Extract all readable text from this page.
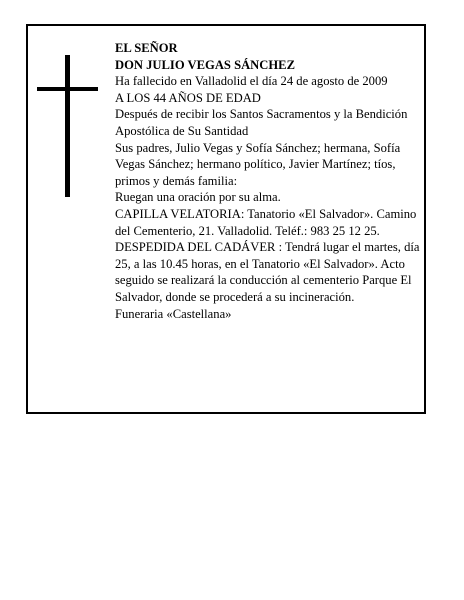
EL SEÑOR

DON JULIO VEGAS SÁNCHEZ

Ha fallecido en Valladolid el día 24 de agosto de 2009

A LOS 44 AÑOS DE EDAD

Después de recibir los Santos Sacramentos y la Bendición Apostólica de Su Santidad

Sus padres, Julio Vegas y Sofía Sánchez; hermana, Sofía Vegas Sánchez; hermano político, Javier Martínez; tíos, primos y demás familia:

Ruegan una oración por su alma.

CAPILLA VELATORIA: Tanatorio «El Salvador». Camino del Cementerio, 21. Valladolid. Teléf.: 983 25 12 25.

DESPEDIDA DEL CADÁVER : Tendrá lugar el martes, día 25, a las 10.45 horas, en el Tanatorio «El Salvador». Acto seguido se realizará la conducción al cementerio Parque El Salvador, donde se procederá a su incineración.

Funeraria «Castellana»
